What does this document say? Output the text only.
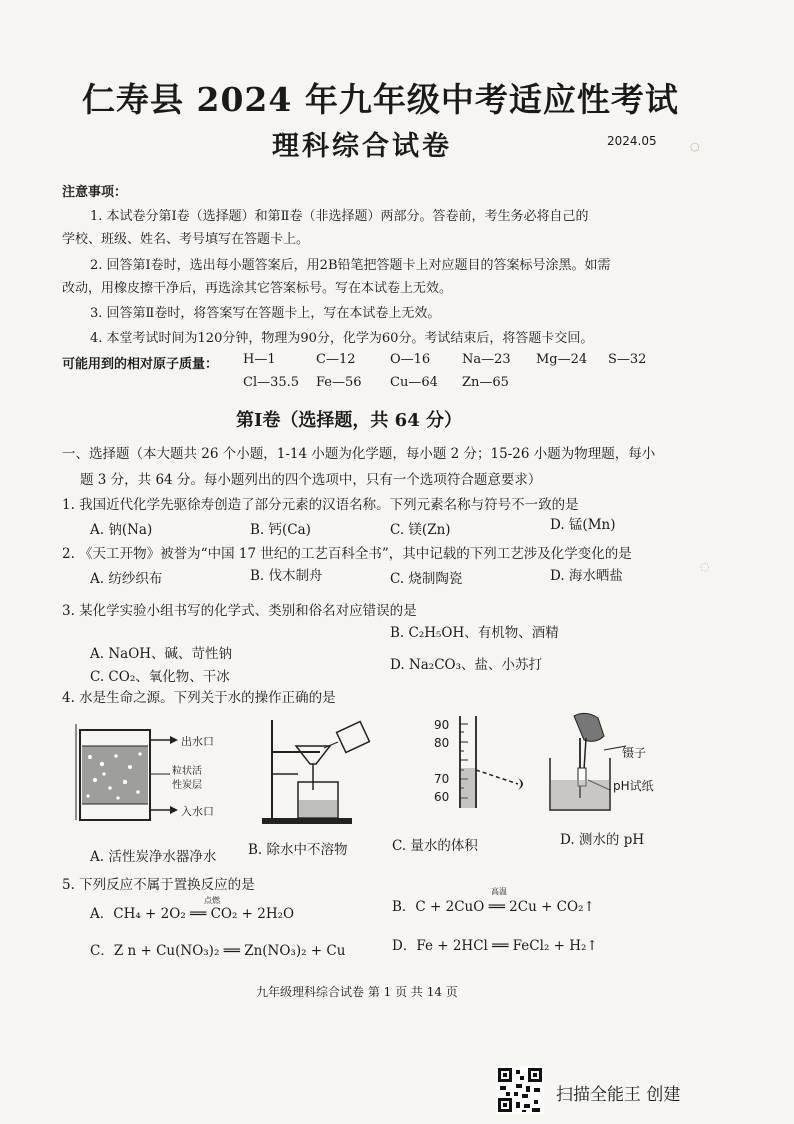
○
◌
仁寿县 2024 年九年级中考适应性考试
理科综合试卷	2024.05
注意事项：
1. 本试卷分第Ⅰ卷（选择题）和第Ⅱ卷（非选择题）两部分。答卷前，考生务必将自己的
学校、班级、姓名、考号填写在答题卡上。
2. 回答第Ⅰ卷时，选出每小题答案后，用2B铅笔把答题卡上对应题目的答案标号涂黑。如需
改动，用橡皮擦干净后，再选涂其它答案标号。写在本试卷上无效。
3. 回答第Ⅱ卷时，将答案写在答题卡上，写在本试卷上无效。
4. 本堂考试时间为120分钟，物理为90分，化学为60分。考试结束后，将答题卡交回。
可能用到的相对原子质量： H—1	C—12	O—16 Na—23 Mg—24 S—32
Cl—35.5 Fe—56 Cu—64 Zn—65
第Ⅰ卷（选择题，共 64 分）
一、选择题（本大题共 26 个小题，1-14 小题为化学题，每小题 2 分；15-26 小题为物理题，每小
题 3 分，共 64 分。每小题列出的四个选项中，只有一个选项符合题意要求）
1. 我国近代化学先驱徐寿创造了部分元素的汉语名称。下列元素名称与符号不一致的是
A. 钠(Na)	B. 钙(Ca)	C. 镁(Zn)	D. 锰(Mn)
2. 《天工开物》被誉为“中国 17 世纪的工艺百科全书”，其中记载的下列工艺涉及化学变化的是
A. 纺纱织布	B. 伐木制舟	C. 烧制陶瓷	D. 海水晒盐
3. 某化学实验小组书写的化学式、类别和俗名对应错误的是
B. C₂H₅OH、有机物、酒精
A. NaOH、碱、苛性钠
D. Na₂CO₃、盐、小苏打
C. CO₂、氧化物、干冰
4. 水是生命之源。下列关于水的操作正确的是
出水口
粒状活
性炭层
入水口
90
80
70
60
镊子
pH试纸
A. 活性炭净水器净水 B. 除水中不溶物	C. 量水的体积	D. 测水的 pH
5. 下列反应不属于置换反应的是
A．CH₄ + 2O₂ ══ CO₂ + 2H₂O
点燃	B．C + 2CuO ══ 2Cu + CO₂↑
高温
C．Z n + Cu(NO₃)₂ ══ Zn(NO₃)₂ + Cu	D．Fe + 2HCl ══ FeCl₂ + H₂↑
九年级理科综合试卷 第 1 页 共 14 页
扫描全能王 创建
